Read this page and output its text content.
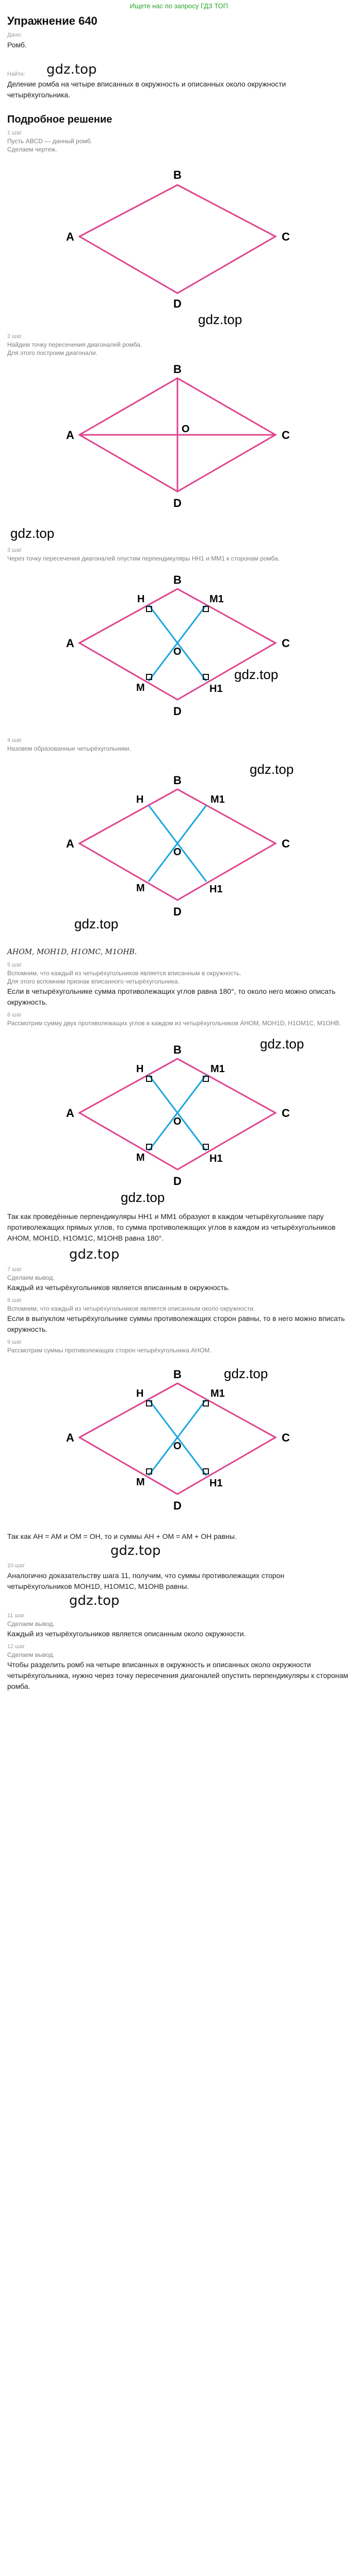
Ищете нас по запросу ГДЗ ТОП
Упражнение 640
Дано:
Ромб.
gdz.top
Найти:
Деление ромба на четыре вписанных в окружность и описанных около окружности четырёхугольника.
Подробное решение
1 шаг
Пусть ABCD — данный ромб.
Сделаем чертеж.
A
B
C
D
gdz.top
2 шаг
Найдем точку пересечения диагоналей ромба.
Для этого построим диагонали.
A
B
C
D
O
gdz.top
3 шаг
Через точку пересечения диагоналей опустим перпендикуляры HH1 и MM1 к сторонам ромба.
A
B
C
D
O
H	M1
M	H1
gdz.top
4 шаг
Назовем образованные четырёхугольники.
A
B
C
D
O
H	M1
M	H1
gdz.top
gdz.top
AHOM, MOH1D, H1OMC, M1OHB.
5 шаг
Вспомним, что каждый из четырёхугольников является вписанным в окружность.
Для этого вспомним признак вписанного четырёхугольника.
Если в четырёхугольнике сумма противолежащих углов равна 180°, то около него можно описать окружность.
6 шаг
Рассмотрим сумму двух противолежащих углов в каждом из четырёхугольников AHOM, MOH1D, H1OM1C, M1OHB.
A
B
C
D
O
H	M1
M	H1
gdz.top
gdz.top
Так как проведённые перпендикуляры HH1 и MM1 образуют в каждом четырёхугольнике пару противолежащих прямых углов, то сумма противолежащих углов в каждом из четырёхугольников AHOM, MOH1D, H1OM1C, M1OHB равна 180°.
gdz.top
7 шаг
Сделаем вывод.
Каждый из четырёхугольников является вписанным в окружность.
8 шаг
Вспомним, что каждый из четырёхугольников является описанным около окружности.
Если в выпуклом четырёхугольнике суммы противолежащих сторон равны, то в него можно вписать окружность.
9 шаг
Рассмотрим суммы противолежащих сторон четырёхугольника AHOM.
A
B
C
D
O
H	M1
M	H1
gdz.top
Так как AH = AM и OM = OH, то и суммы AH + OM = AM + OH равны.
gdz.top
10 шаг
Аналогично доказательству шага 11, получим, что суммы противолежащих сторон четырёхугольников MOH1D, H1OM1C, M1OHB равны.
gdz.top
11 шаг
Сделаем вывод.
Каждый из четырёхугольников является описанным около окружности.
12 шаг
Сделаем вывод.
Чтобы разделить ромб на четыре вписанных в окружность и описанных около окружности четырёхугольника, нужно через точку пересечения диагоналей опустить перпендикуляры к сторонам ромба.
